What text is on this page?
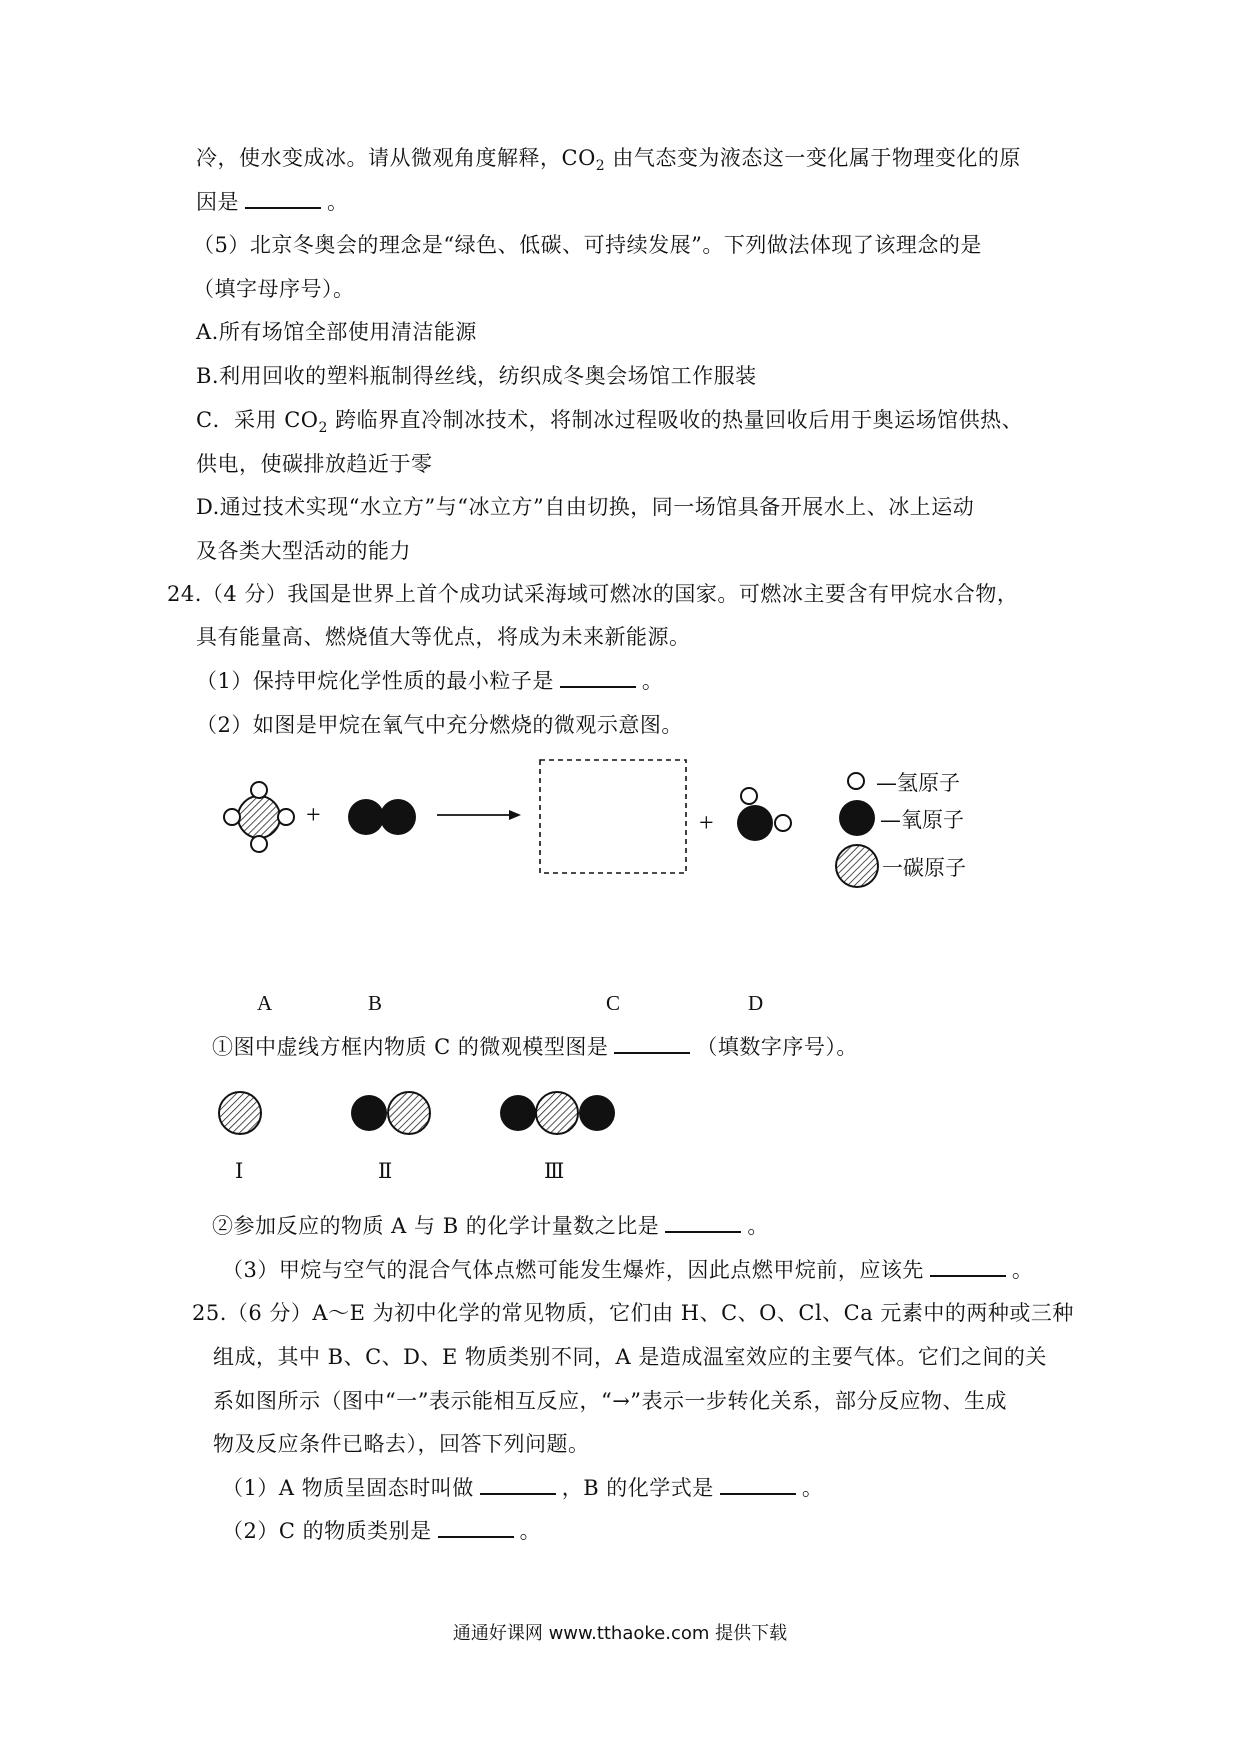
冷，使水变成冰。请从微观角度解释，$CO_2$ 由气态变为液态这一变化属于物理变化的原
因是	。
（5）北京冬奥会的理念是“绿色、低碳、可持续发展”。下列做法体现了该理念的是
（填字母序号）。
A.所有场馆全部使用清洁能源
B.利用回收的塑料瓶制得丝线，纺织成冬奥会场馆工作服装
C．采用 $CO_2$ 跨临界直冷制冰技术，将制冰过程吸收的热量回收后用于奥运场馆供热、
供电，使碳排放趋近于零
D.通过技术实现“水立方”与“冰立方”自由切换，同一场馆具备开展水上、冰上运动
及各类大型活动的能力
24.（4 分）我国是世界上首个成功试采海域可燃冰的国家。可燃冰主要含有甲烷水合物，
具有能量高、燃烧值大等优点，将成为未来新能源。
（1）保持甲烷化学性质的最小粒子是	。
（2）如图是甲烷在氧气中充分燃烧的微观示意图。
+	+
—氢原子
—氧原子
一碳原子
A	B	C	D
①图中虚线方框内物质 C 的微观模型图是	（填数字序号）。
Ⅰ	Ⅱ	Ⅲ
②参加反应的物质 A 与 B 的化学计量数之比是	。
（3）甲烷与空气的混合气体点燃可能发生爆炸，因此点燃甲烷前，应该先	。
25.（6 分）A～E 为初中化学的常见物质，它们由 H、C、O、Cl、Ca 元素中的两种或三种
组成，其中 B、C、D、E 物质类别不同，A 是造成温室效应的主要气体。它们之间的关
系如图所示（图中“一”表示能相互反应，“→”表示一步转化关系，部分反应物、生成
物及反应条件已略去），回答下列问题。
（1）A 物质呈固态时叫做	，B 的化学式是	。
（2）C 的物质类别是	。
通通好课网 www.tthaoke.com 提供下载
